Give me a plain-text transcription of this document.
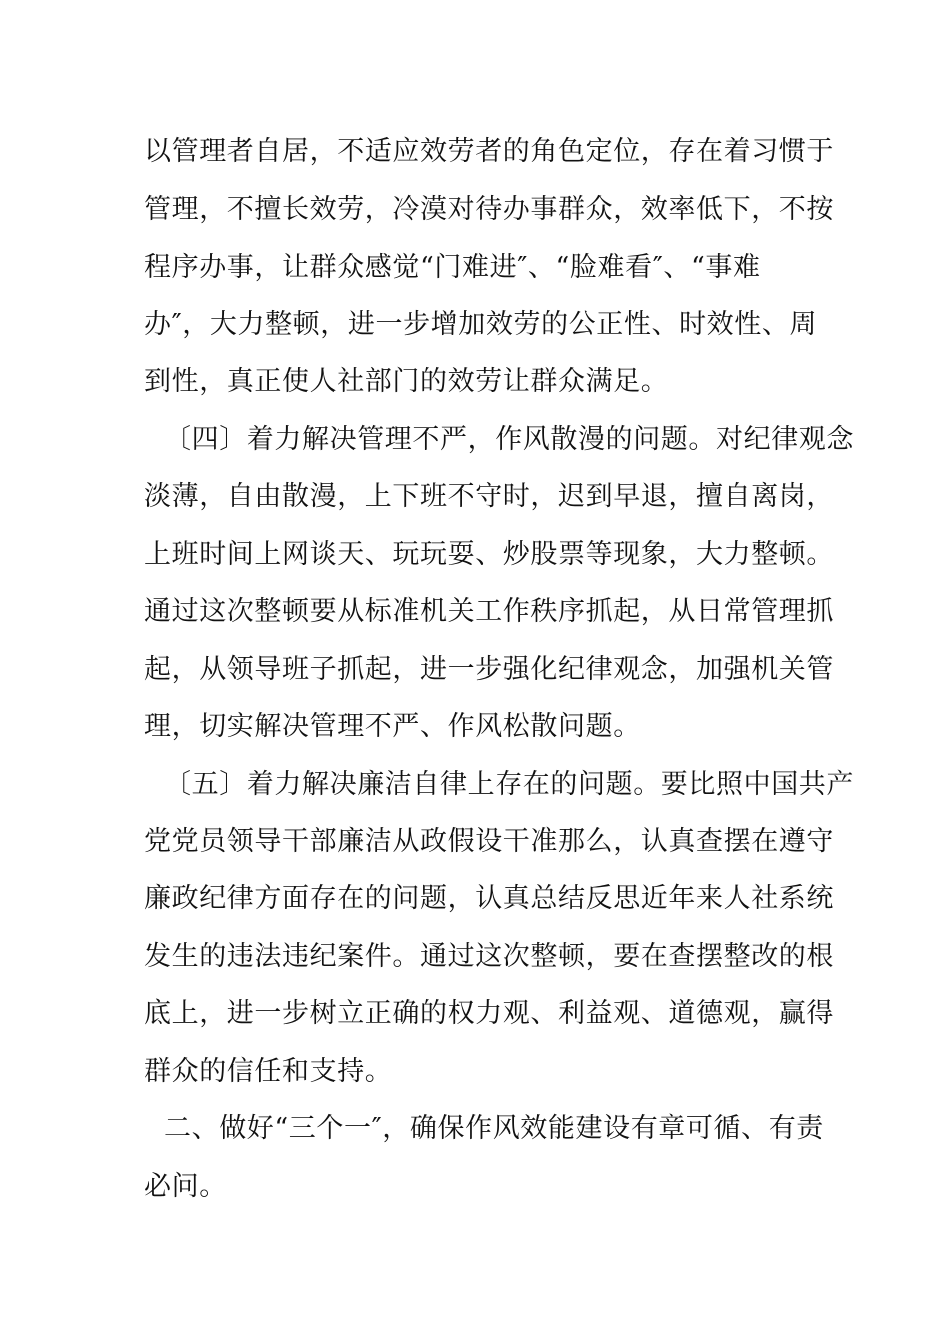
以管理者自居，不适应效劳者的角色定位，存在着习惯于
管理，不擅长效劳，冷漠对待办事群众，效率低下，不按
程序办事，让群众感觉“门难进″、“脸难看″、“事难
办″，大力整顿，进一步增加效劳的公正性、时效性、周
到性，真正使人社部门的效劳让群众满足。
〔四〕着力解决管理不严，作风散漫的问题。对纪律观念
淡薄，自由散漫，上下班不守时，迟到早退，擅自离岗，
上班时间上网谈天、玩玩耍、炒股票等现象，大力整顿。
通过这次整顿要从标准机关工作秩序抓起，从日常管理抓
起，从领导班子抓起，进一步强化纪律观念，加强机关管
理，切实解决管理不严、作风松散问题。
〔五〕着力解决廉洁自律上存在的问题。要比照中国共产
党党员领导干部廉洁从政假设干准那么，认真查摆在遵守
廉政纪律方面存在的问题，认真总结反思近年来人社系统
发生的违法违纪案件。通过这次整顿，要在查摆整改的根
底上，进一步树立正确的权力观、利益观、道德观，赢得
群众的信任和支持。
二、做好“三个一″，确保作风效能建设有章可循、有责
必问。
